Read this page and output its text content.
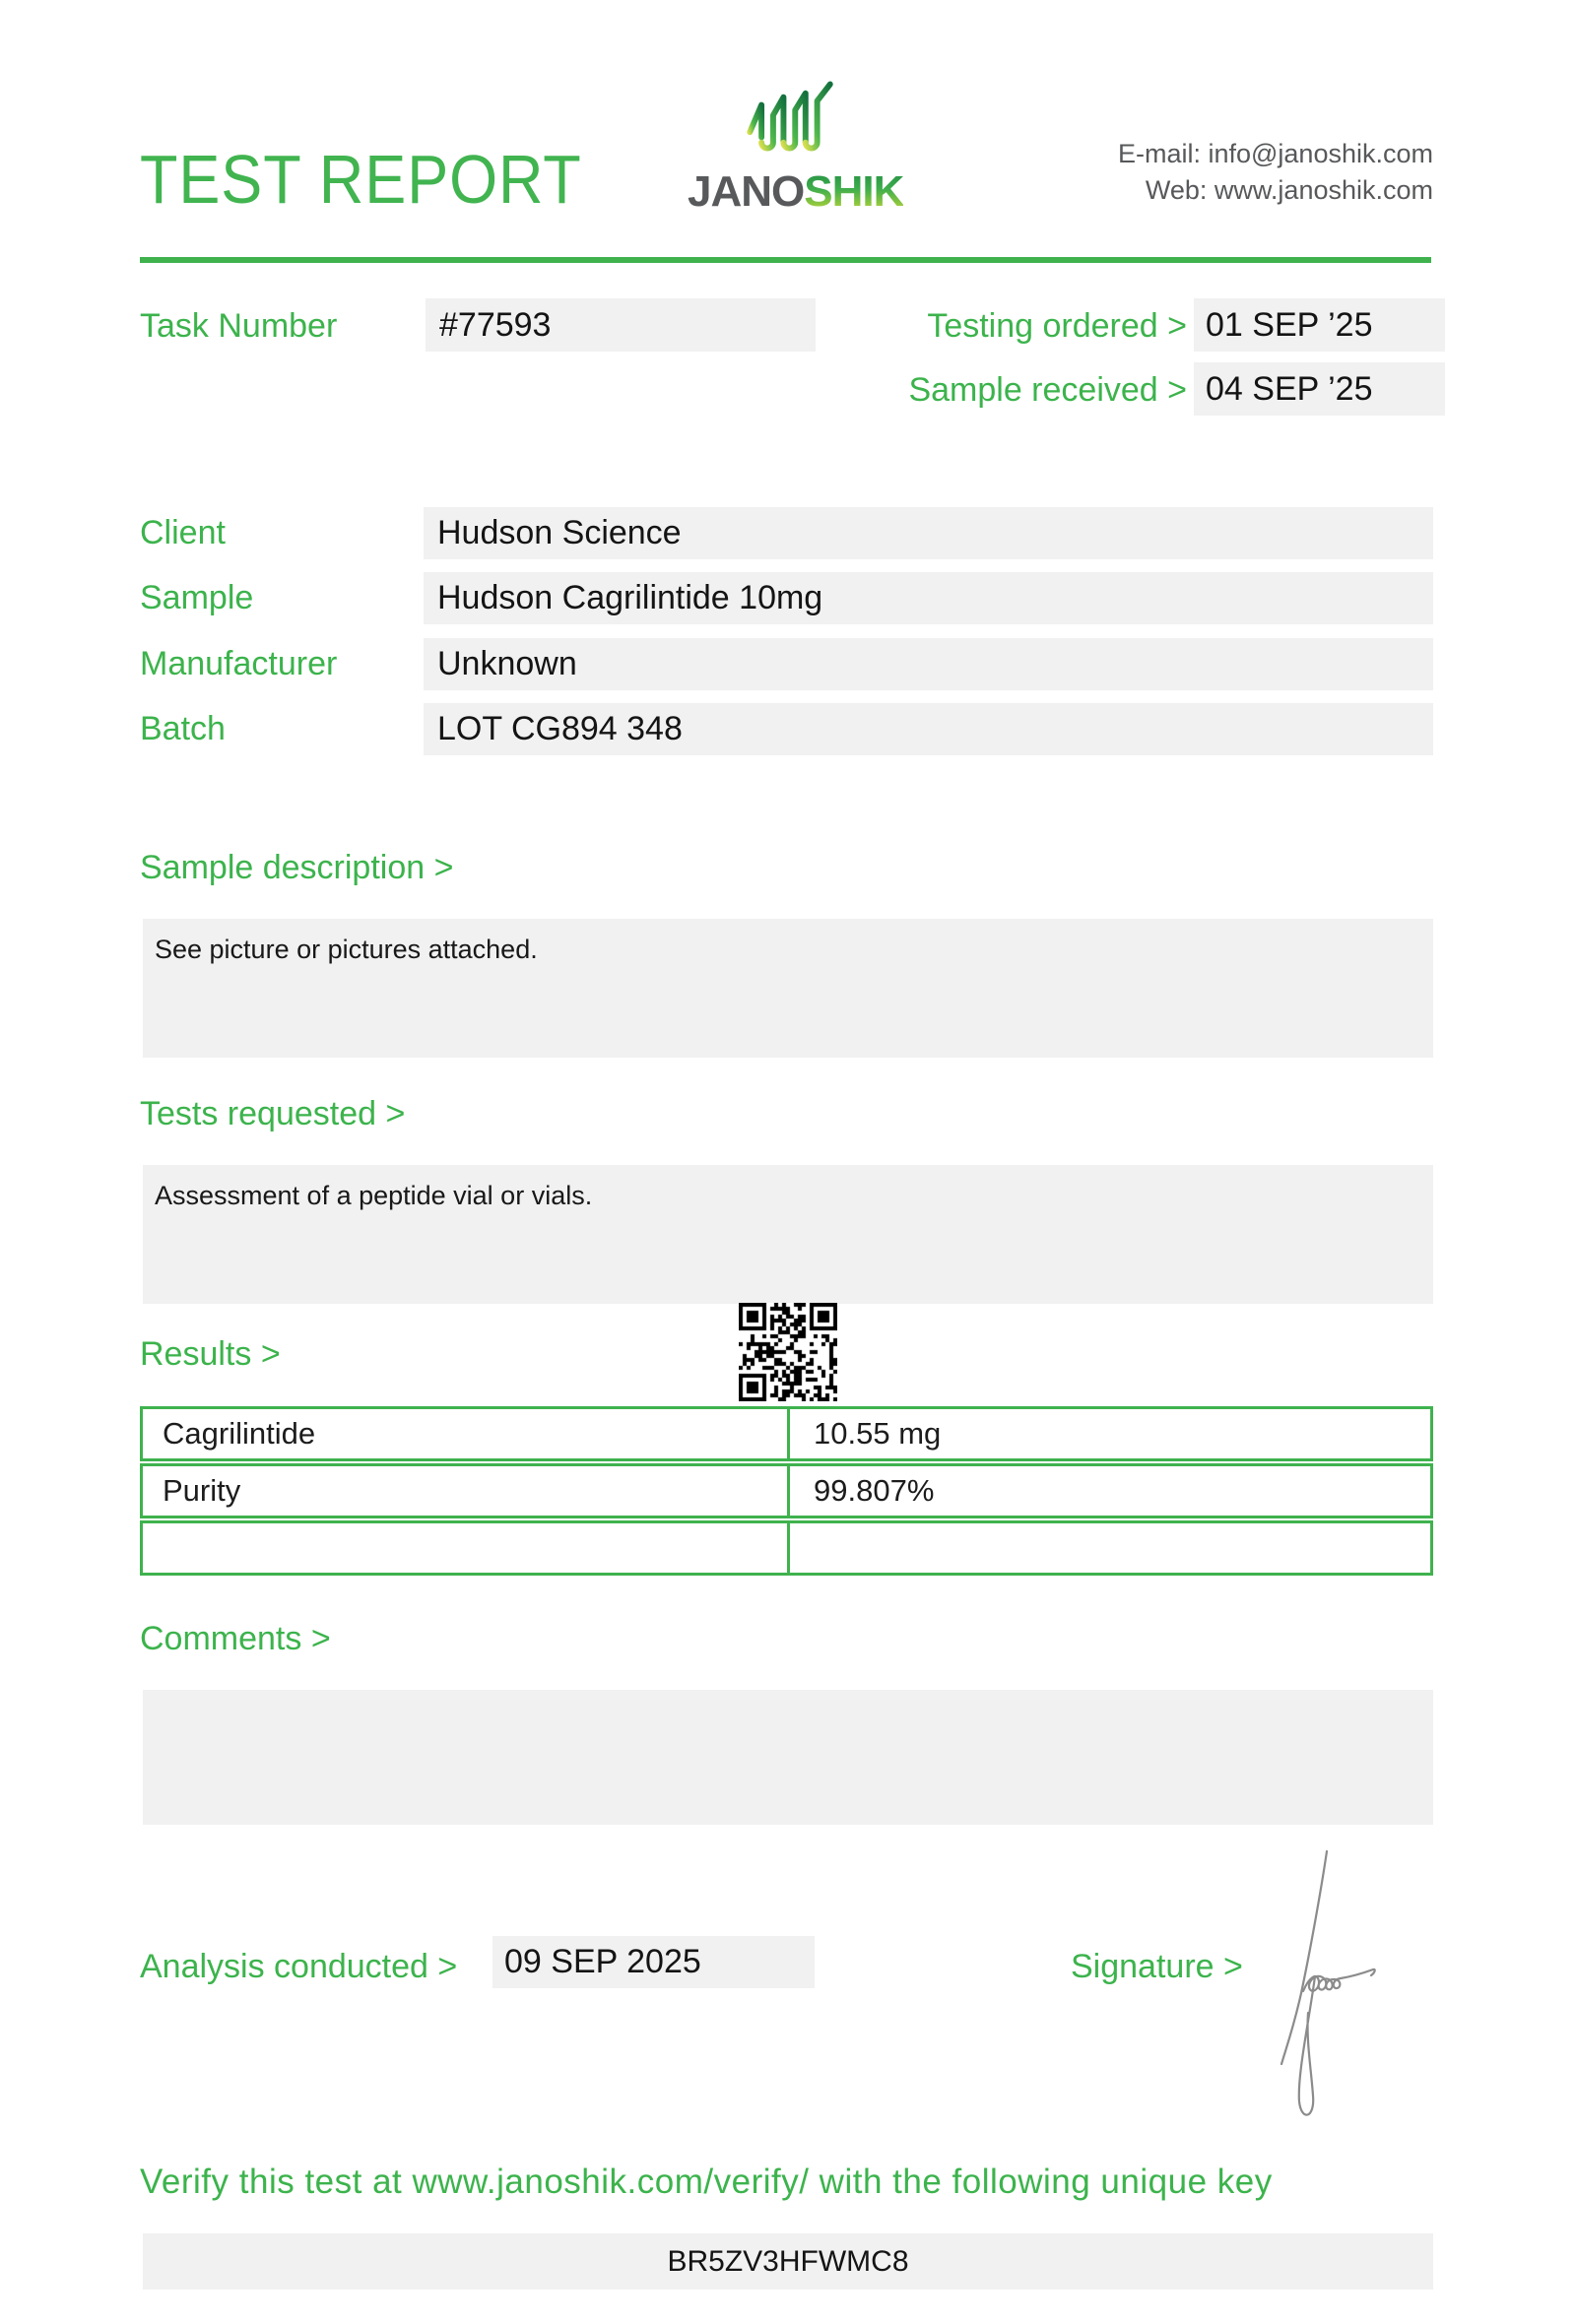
TEST REPORT JANOSHIK
E-mail: info@janoshik.com
Web: www.janoshik.com
Task Number	#77593	Testing ordered > 01 SEP ’25
Sample received > 04 SEP ’25
Client	Hudson Science
Sample	Hudson Cagrilintide 10mg
Manufacturer	Unknown
Batch	LOT CG894 348
Sample description >
See picture or pictures attached.
Tests requested >
Assessment of a peptide vial or vials.
Results >
Cagrilintide	10.55 mg
Purity	99.807%
Comments >
Analysis conducted >	09 SEP 2025	Signature >
Verify this test at www.janoshik.com/verify/ with the following unique key
BR5ZV3HFWMC8
